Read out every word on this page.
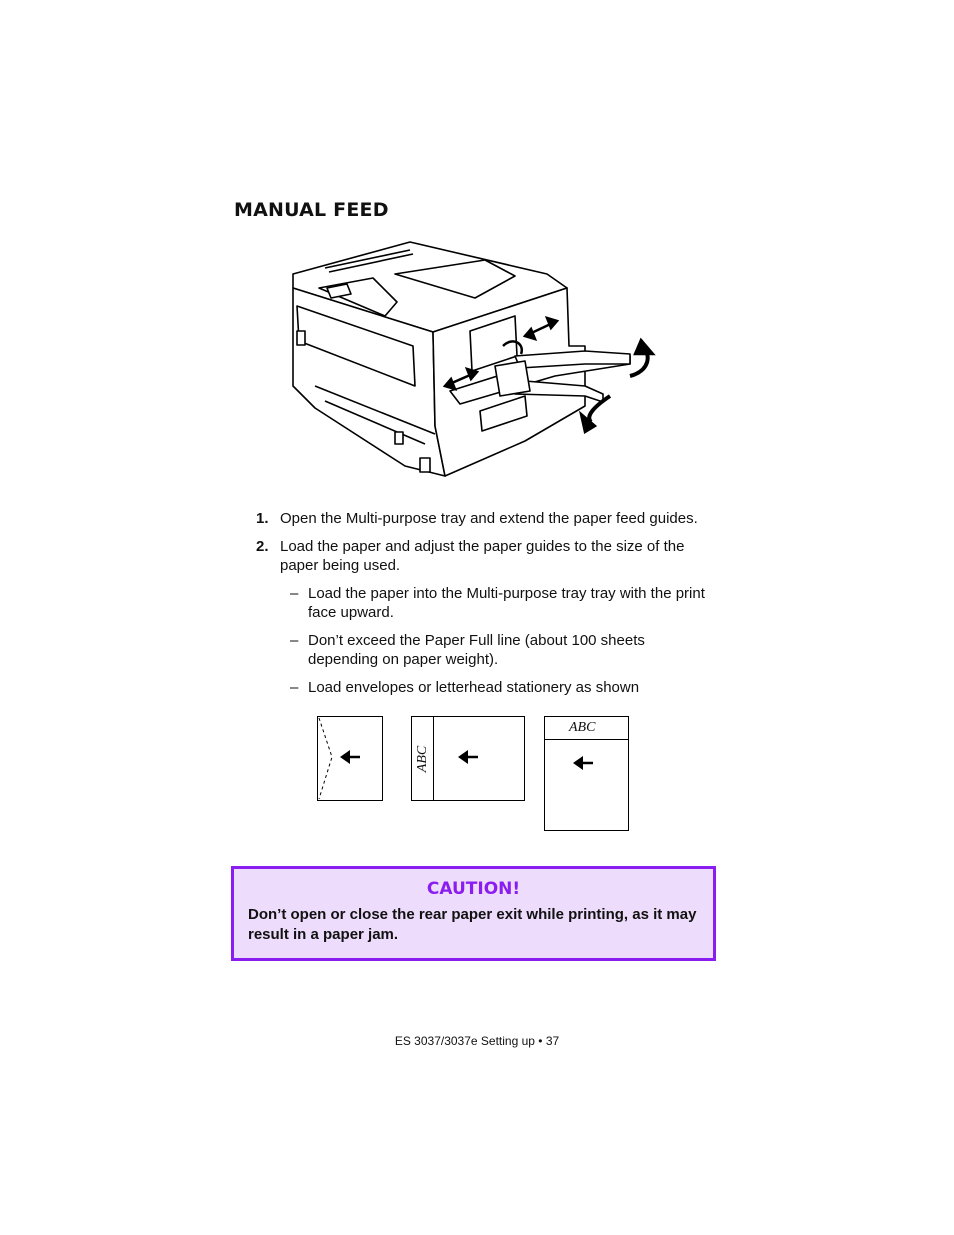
MANUAL FEED
1. Open the Multi-purpose tray and extend the paper feed guides.
2. Load the paper and adjust the paper guides to the size of the paper being used.
– Load the paper into the Multi-purpose tray tray with the print face upward.
– Don’t exceed the Paper Full line (about 100 sheets depending on paper weight).
– Load envelopes or letterhead stationery as shown
ABC
ABC
CAUTION!
Don’t open or close the rear paper exit while printing, as it may result in a paper jam.
ES 3037/3037e Setting up • 37
